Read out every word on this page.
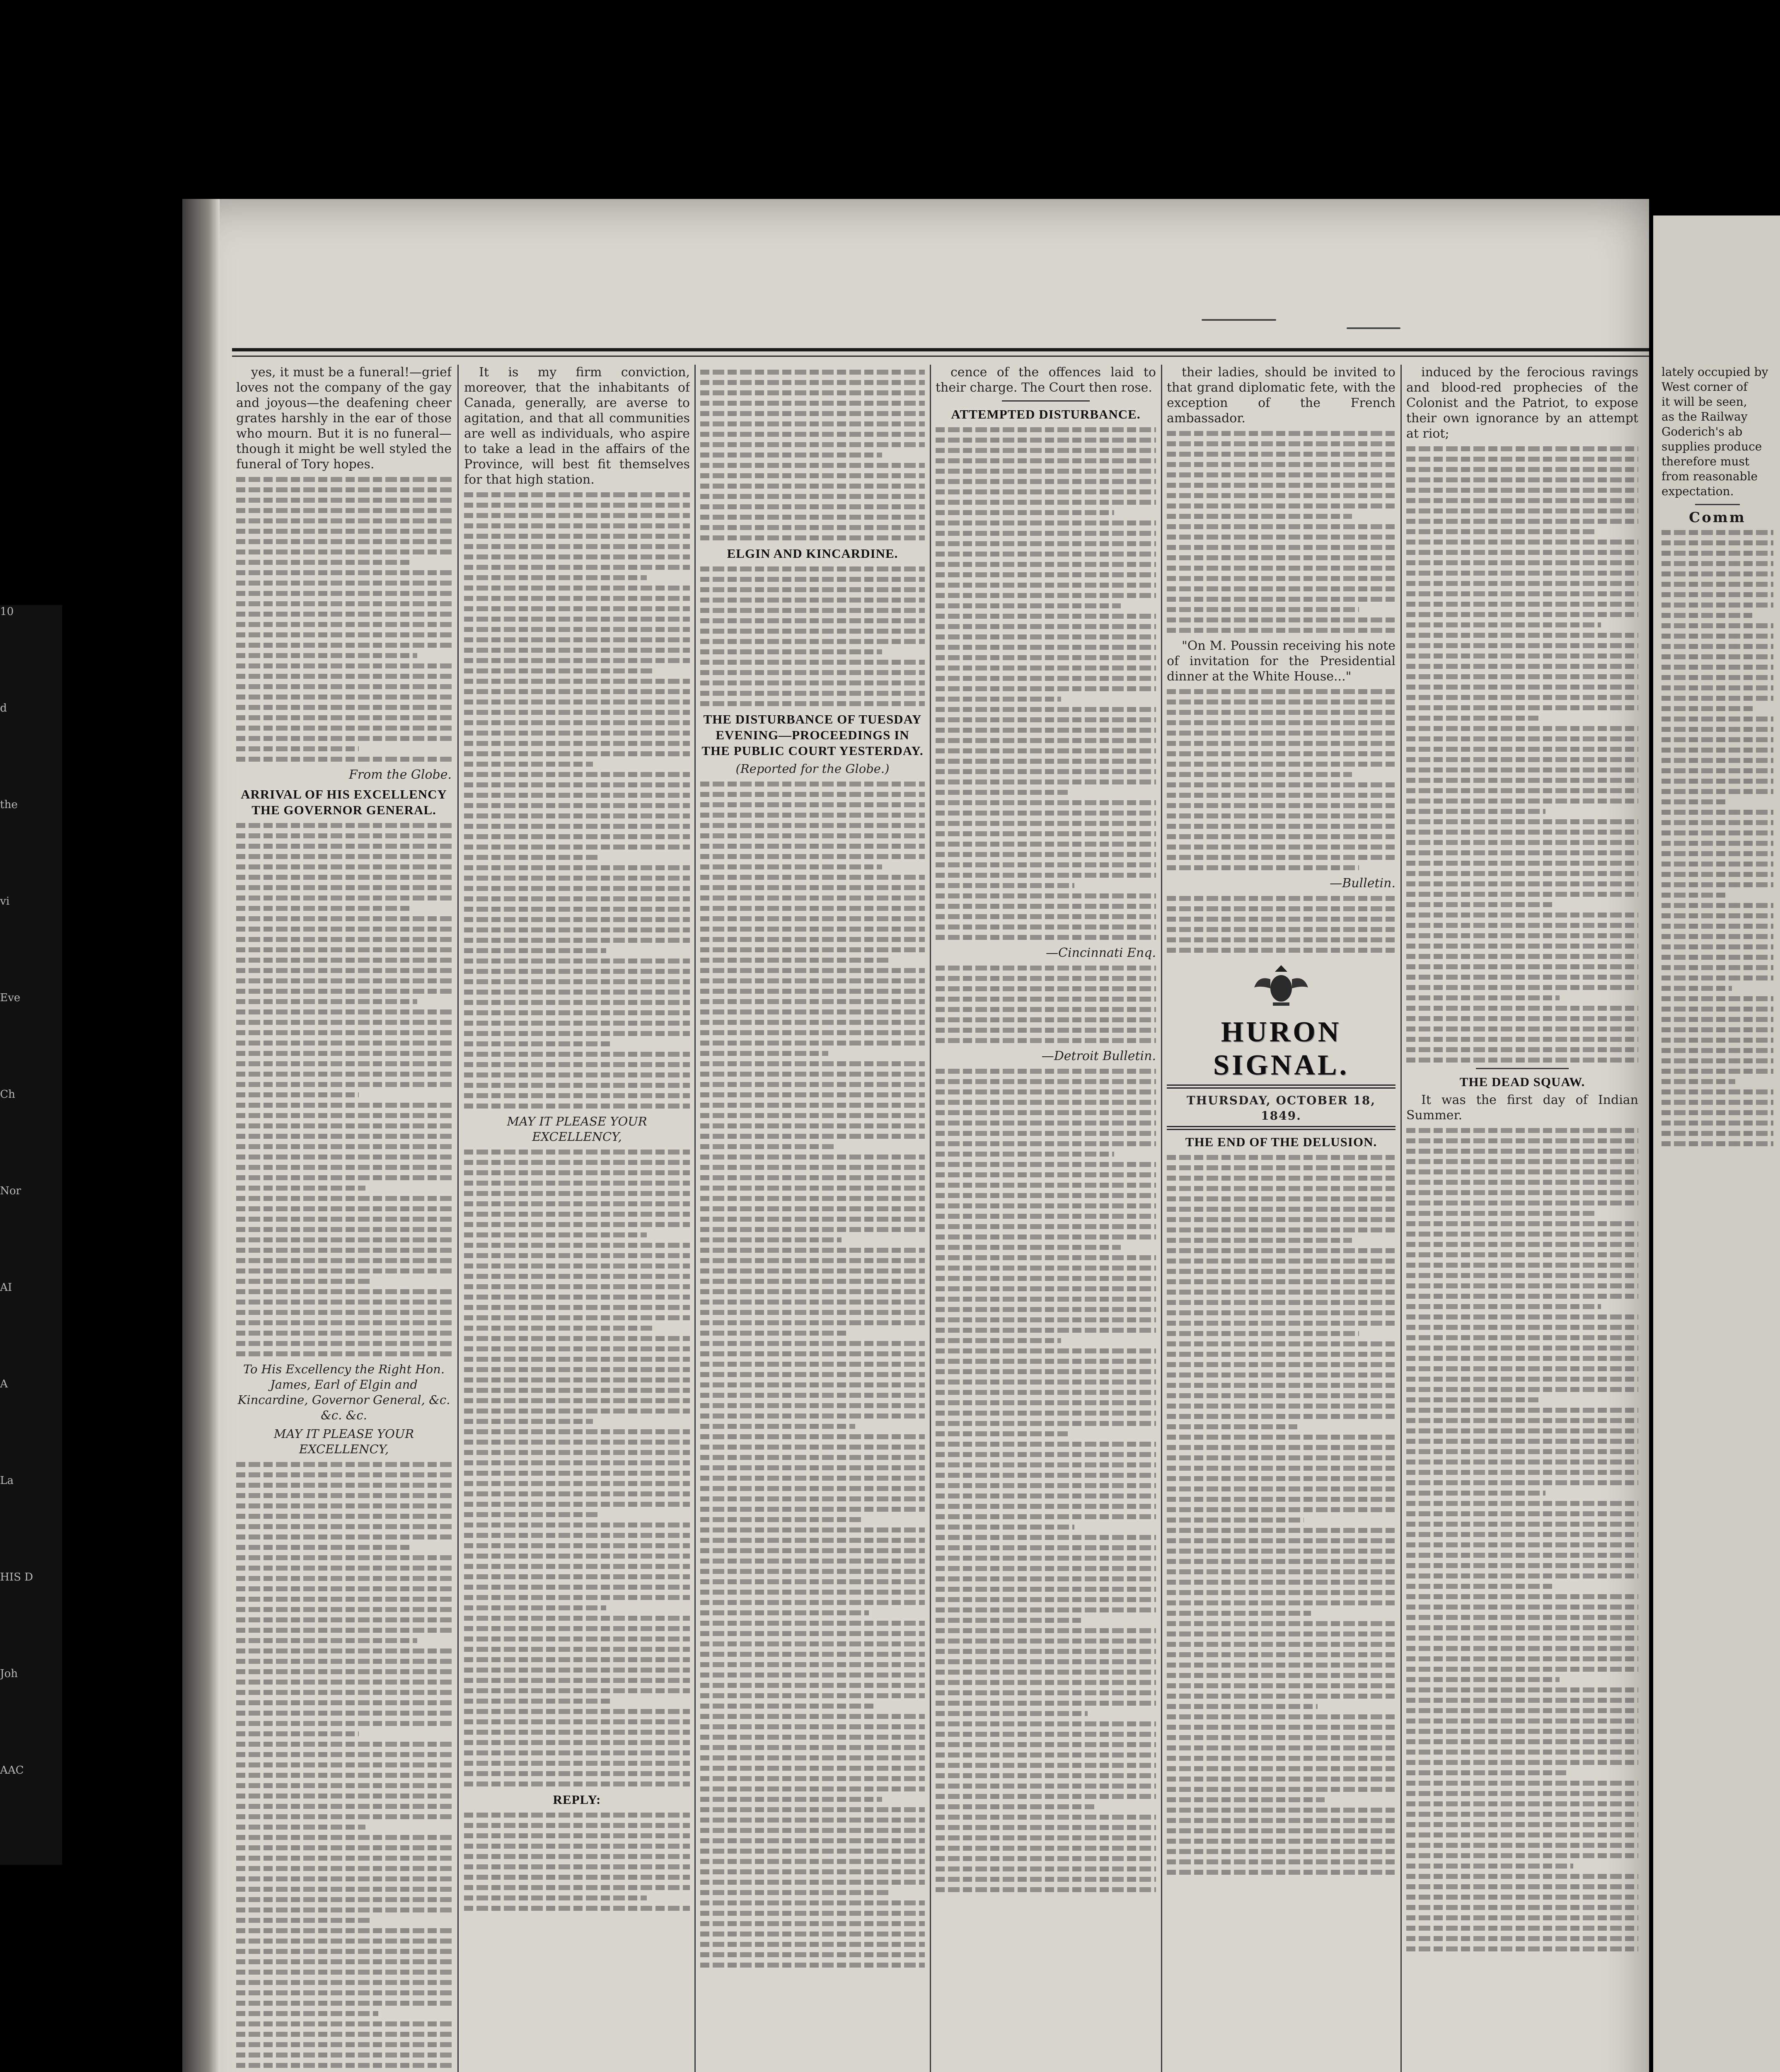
10
d
the
vi
Eve
Ch
Nor
AI
A
La
HIS D
Joh
AAC
lately occupied by
West corner of
it will be seen,
as the Railway
Goderich's ab
supplies produce
therefore must
from reasonable
expectation.
Comm
yes, it must be a funeral!—grief loves not the company of the gay and joyous—the deafening cheer grates harshly in the ear of those who mourn. But it is no funeral—though it might be well styled the funeral of Tory hopes.
From the Globe.
ARRIVAL OF HIS EXCELLENCY THE GOVERNOR GENERAL.
To His Excellency the Right Hon. James, Earl of Elgin and Kincardine, Governor General, &c. &c. &c.
MAY IT PLEASE YOUR EXCELLENCY,
It is my firm conviction, moreover, that the inhabitants of Canada, generally, are averse to agitation, and that all communities are well as individuals, who aspire to take a lead in the affairs of the Province, will best fit themselves for that high station.
MAY IT PLEASE YOUR EXCELLENCY,
REPLY:
ELGIN AND KINCARDINE.
THE DISTURBANCE OF TUESDAY EVENING—PROCEEDINGS IN THE PUBLIC COURT YESTERDAY.
(Reported for the Globe.)
cence of the offences laid to their charge. The Court then rose.
ATTEMPTED DISTURBANCE.
—Cincinnati Enq.
—Detroit Bulletin.
their ladies, should be invited to that grand diplomatic fete, with the exception of the French ambassador.
"On M. Poussin receiving his note of invitation for the Presidential dinner at the White House..."
—Bulletin.
HURON SIGNAL.
THURSDAY, OCTOBER 18, 1849.
THE END OF THE DELUSION.
induced by the ferocious ravings and blood-red prophecies of the Colonist and the Patriot, to expose their own ignorance by an attempt at riot;
THE DEAD SQUAW.
It was the first day of Indian Summer.
